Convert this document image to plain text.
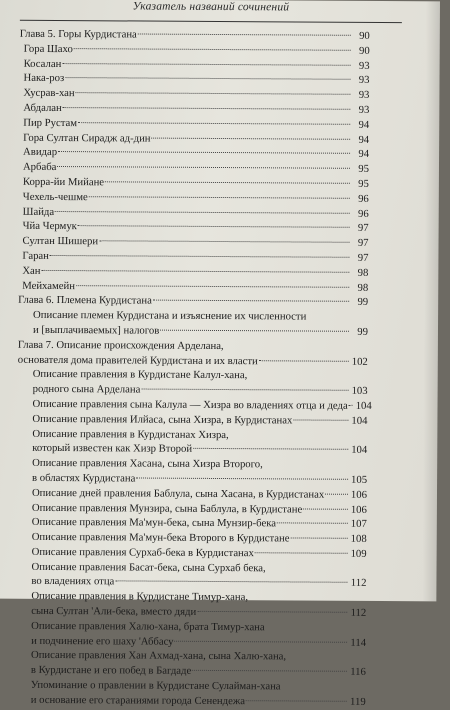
Указатель названий сочинений
Глава 5. Горы Курдистана	90
Гора Шахо	90
Косалан	93
Нака-роз	93
Хусрав-хан	93
Абдалан	93
Пир Рустам	94
Гора Султан Сирадж ад-дин	94
Авидар	94
Арбаба	95
Корра-йи Мийане	95
Чехель-чешме	96
Шайда	96
Чйа Чермук	97
Султан Шишери	97
Гаран	97
Хан	98
Мейхамейн	98
Глава 6. Племена Курдистана	99
Описание племен Курдистана и изъяснение их численности
и [выплачиваемых] налогов	99
Глава 7. Описание происхождения Арделана,
основателя дома правителей Курдистана и их власти	102
Описание правления в Курдистане Калул-хана,
родного сына Арделана	103
Описание правления сына Калула — Хизра во владениях отца и деда 104
Описание правления Илйаса, сына Хизра, в Курдистанах	104
Описание правления в Курдистанах Хизра,
который известен как Хизр Второй	104
Описание правления Хасана, сына Хизра Второго,
в областях Курдистана	105
Описание дней правления Баблула, сына Хасана, в Курдистанах 106
Описание правления Мунзира, сына Баблула, в Курдистане	106
Описание правления Ма'мун-бека, сына Мунзир-бека	107
Описание правления Ма'мун-бека Второго в Курдистане	108
Описание правления Сурхаб-бека в Курдистанах	109
Описание правления Басат-бека, сына Сурхаб бека,
во владениях отца	112
Описание правления в Курдистане Тимур-хана,
сына Султан 'Али-бека, вместо дяди	112
Описание правления Халю-хана, брата Тимур-хана
и подчинение его шаху 'Аббасу	114
Описание правления Хан Ахмад-хана, сына Халю-хана,
в Курдистане и его побед в Багдаде	116
Упоминание о правлении в Курдистане Сулайман-хана
и основание его стараниями города Сенендежа	119
